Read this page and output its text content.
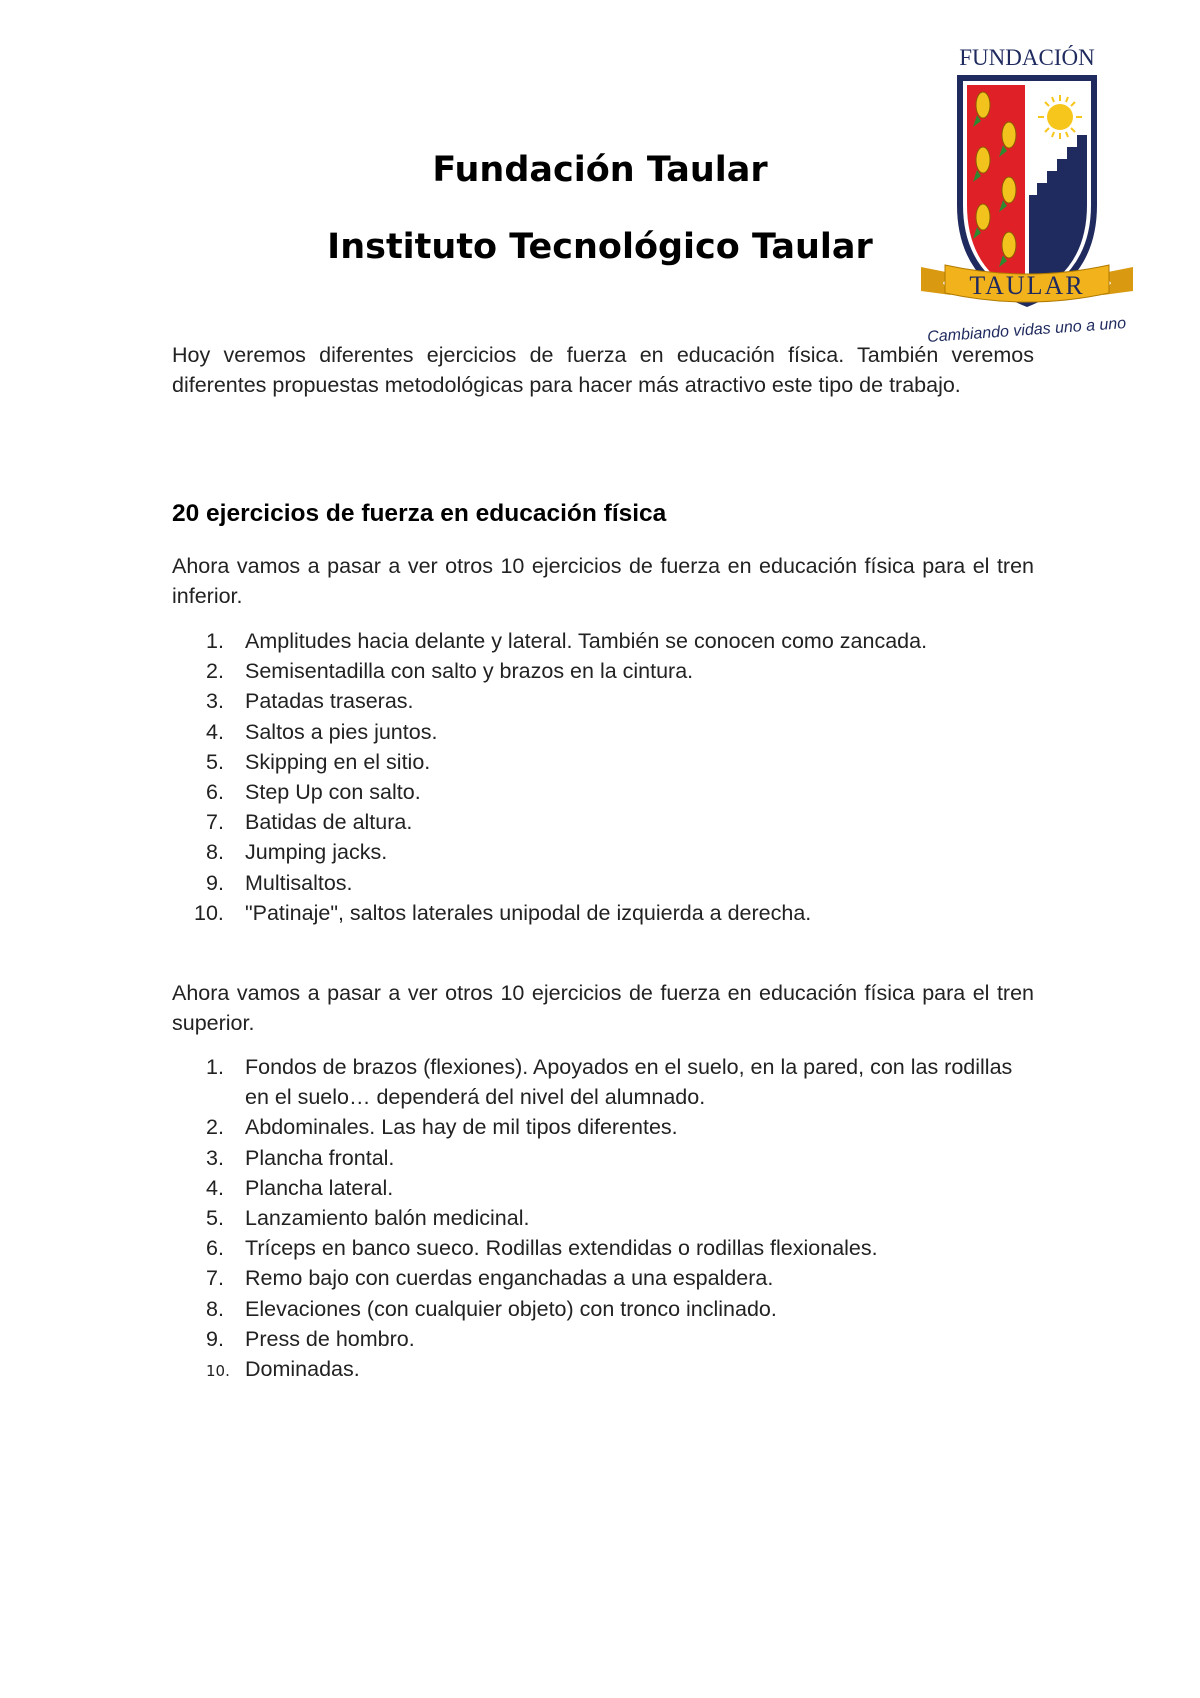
Fundación Taular
Instituto Tecnológico Taular
FUNDACIÓN
TAULAR
Cambiando vidas uno a uno

Hoy veremos diferentes ejercicios de fuerza en educación física. También veremos diferentes propuestas metodológicas para hacer más atractivo este tipo de trabajo.

20 ejercicios de fuerza en educación física

Ahora vamos a pasar a ver otros 10 ejercicios de fuerza en educación física para el tren inferior.

1. Amplitudes hacia delante y lateral. También se conocen como zancada.
2. Semisentadilla con salto y brazos en la cintura.
3. Patadas traseras.
4. Saltos a pies juntos.
5. Skipping en el sitio.
6. Step Up con salto.
7. Batidas de altura.
8. Jumping jacks.
9. Multisaltos.
10. "Patinaje", saltos laterales unipodal de izquierda a derecha.

Ahora vamos a pasar a ver otros 10 ejercicios de fuerza en educación física para el tren superior.

1. Fondos de brazos (flexiones). Apoyados en el suelo, en la pared, con las rodillas en el suelo… dependerá del nivel del alumnado.
2. Abdominales. Las hay de mil tipos diferentes.
3. Plancha frontal.
4. Plancha lateral.
5. Lanzamiento balón medicinal.
6. Tríceps en banco sueco. Rodillas extendidas o rodillas flexionales.
7. Remo bajo con cuerdas enganchadas a una espaldera.
8. Elevaciones (con cualquier objeto) con tronco inclinado.
9. Press de hombro.
10. Dominadas.
